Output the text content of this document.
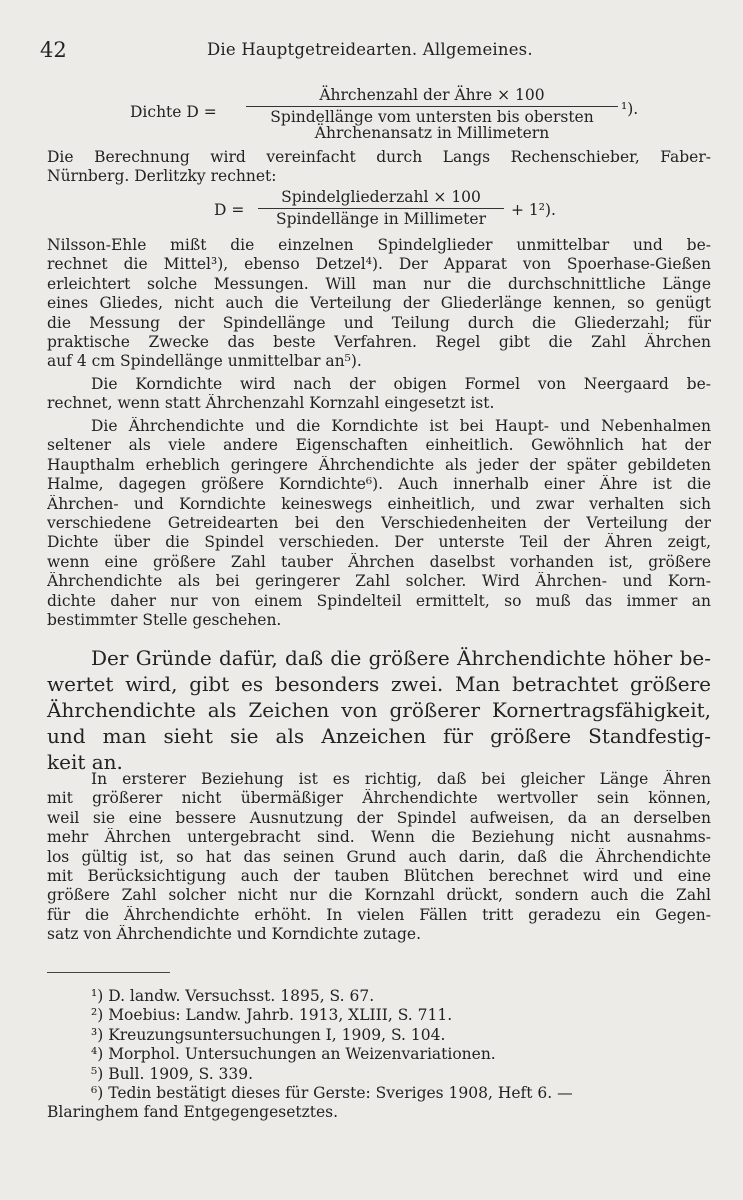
42	Die Hauptgetreidearten. Allgemeines.
Dichte D =
Ährchenzahl der Ähre × 100
Spindellänge vom untersten bis obersten
Ährchenansatz in Millimetern
¹).
Die Berechnung wird vereinfacht durch Langs Rechenschieber, Faber-
Nürnberg. Derlitzky rechnet:
D =
Spindelgliederzahl × 100
Spindellänge in Millimeter	+ 1²).
Nilsson-Ehle mißt die einzelnen Spindelglieder unmittelbar und be-
rechnet die Mittel³), ebenso Detzel⁴). Der Apparat von Spoerhase-Gießen
erleichtert solche Messungen. Will man nur die durchschnittliche Länge
eines Gliedes, nicht auch die Verteilung der Gliederlänge kennen, so genügt
die Messung der Spindellänge und Teilung durch die Gliederzahl; für
praktische Zwecke das beste Verfahren. Regel gibt die Zahl Ährchen
auf 4 cm Spindellänge unmittelbar an⁵).
Die Korndichte wird nach der obigen Formel von Neergaard be-
rechnet, wenn statt Ährchenzahl Kornzahl eingesetzt ist.
Die Ährchendichte und die Korndichte ist bei Haupt- und Nebenhalmen
seltener als viele andere Eigenschaften einheitlich. Gewöhnlich hat der
Haupthalm erheblich geringere Ährchendichte als jeder der später gebildeten
Halme, dagegen größere Korndichte⁶). Auch innerhalb einer Ähre ist die
Ährchen- und Korndichte keineswegs einheitlich, und zwar verhalten sich
verschiedene Getreidearten bei den Verschiedenheiten der Verteilung der
Dichte über die Spindel verschieden. Der unterste Teil der Ähren zeigt,
wenn eine größere Zahl tauber Ährchen daselbst vorhanden ist, größere
Ährchendichte als bei geringerer Zahl solcher. Wird Ährchen- und Korn-
dichte daher nur von einem Spindelteil ermittelt, so muß das immer an
bestimmter Stelle geschehen.
Der Gründe dafür, daß die größere Ährchendichte höher be-
wertet wird, gibt es besonders zwei. Man betrachtet größere
Ährchendichte als Zeichen von größerer Kornertragsfähigkeit,
und man sieht sie als Anzeichen für größere Standfestig-
keit an.
In ersterer Beziehung ist es richtig, daß bei gleicher Länge Ähren
mit größerer nicht übermäßiger Ährchendichte wertvoller sein können,
weil sie eine bessere Ausnutzung der Spindel aufweisen, da an derselben
mehr Ährchen untergebracht sind. Wenn die Beziehung nicht ausnahms-
los gültig ist, so hat das seinen Grund auch darin, daß die Ährchendichte
mit Berücksichtigung auch der tauben Blütchen berechnet wird und eine
größere Zahl solcher nicht nur die Kornzahl drückt, sondern auch die Zahl
für die Ährchendichte erhöht. In vielen Fällen tritt geradezu ein Gegen-
satz von Ährchendichte und Korndichte zutage.
¹) D. landw. Versuchsst. 1895, S. 67.
²) Moebius: Landw. Jahrb. 1913, XLIII, S. 711.
³) Kreuzungsuntersuchungen I, 1909, S. 104.
⁴) Morphol. Untersuchungen an Weizenvariationen.
⁵) Bull. 1909, S. 339.
⁶) Tedin bestätigt dieses für Gerste: Sveriges 1908, Heft 6. —
Blaringhem fand Entgegengesetztes.
